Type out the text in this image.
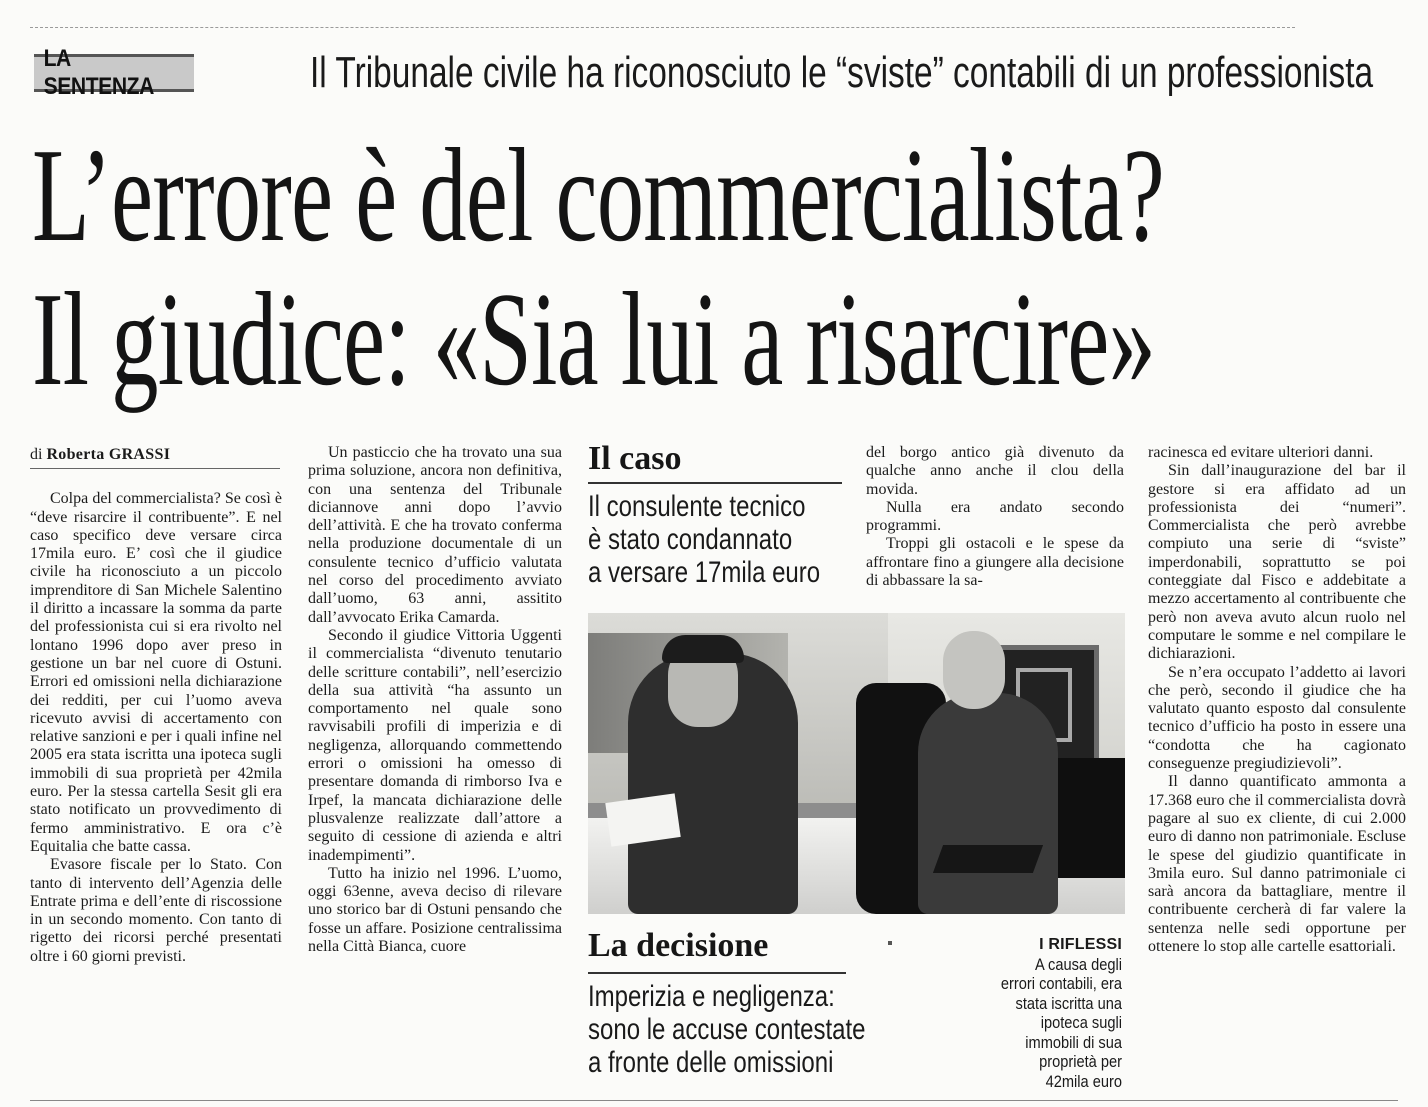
LA SENTENZA	Il Tribunale civile ha riconosciuto le “sviste” contabili di un professionista
L’errore è del commercialista?
Il giudice: «Sia lui a risarcire»
di Roberta GRASSI

Colpa del commercialista? Se così è “deve risarcire il contribuente”. E nel caso specifico deve versare circa 17mila euro. E’ così che il giudice civile ha riconosciuto a un piccolo imprenditore di San Michele Salentino il diritto a incassare la somma da parte del professionista cui si era rivolto nel lontano 1996 dopo aver preso in gestione un bar nel cuore di Ostuni. Errori ed omissioni nella dichiarazione dei redditi, per cui l’uomo aveva ricevuto avvisi di accertamento con relative sanzioni e per i quali infine nel 2005 era stata iscritta una ipoteca sugli immobili di sua proprietà per 42mila euro. Per la stessa cartella Sesit gli era stato notificato un provvedimento di fermo amministrativo. E ora c’è Equitalia che batte cassa.

Evasore fiscale per lo Stato. Con tanto di intervento dell’Agenzia delle Entrate prima e dell’ente di riscossione in un secondo momento. Con tanto di rigetto dei ricorsi perché presentati oltre i 60 giorni previsti.

Un pasticcio che ha trovato una sua prima soluzione, ancora non definitiva, con una sentenza del Tribunale diciannove anni dopo l’avvio dell’attività. E che ha trovato conferma nella produzione documentale di un consulente tecnico d’ufficio valutata nel corso del procedimento avviato dall’uomo, 63 anni, assitito dall’avvocato Erika Camarda.

Secondo il giudice Vittoria Uggenti il commercialista “divenuto tenutario delle scritture contabili”, nell’esercizio della sua attività “ha assunto un comportamento nel quale sono ravvisabili profili di imperizia e di negligenza, allorquando commettendo errori o omissioni ha omesso di presentare domanda di rimborso Iva e Irpef, la mancata dichiarazione delle plusvalenze realizzate dall’attore a seguito di cessione di azienda e altri inadempimenti”.

Tutto ha inizio nel 1996. L’uomo, oggi 63enne, aveva deciso di rilevare uno storico bar di Ostuni pensando che fosse un affare. Posizione centralissima nella Città Bianca, cuore

Il caso
Il consulente tecnico
è stato condannato
a versare 17mila euro

del borgo antico già divenuto da qualche anno anche il clou della movida.

Nulla era andato secondo programmi.

Troppi gli ostacoli e le spese da affrontare fino a giungere alla decisione di abbassare la sa-

racinesca ed evitare ulteriori danni.

Sin dall’inaugurazione del bar il gestore si era affidato ad un professionista dei “numeri”. Commercialista che però avrebbe compiuto una serie di “sviste” imperdonabili, soprattutto se poi conteggiate dal Fisco e addebitate a mezzo accertamento al contribuente che però non aveva avuto alcun ruolo nel computare le somme e nel compilare le dichiarazioni.

Se n’era occupato l’addetto ai lavori che però, secondo il giudice che ha valutato quanto esposto dal consulente tecnico d’ufficio ha posto in essere una “condotta che ha cagionato conseguenze pregiudizievoli”.

Il danno quantificato ammonta a 17.368 euro che il commercialista dovrà pagare al suo ex cliente, di cui 2.000 euro di danno non patrimoniale. Escluse le spese del giudizio quantificate in 3mila euro. Sul danno patrimoniale ci sarà ancora da battagliare, mentre il contribuente cercherà di far valere la sentenza nelle sedi opportune per ottenere lo stop alle cartelle esattoriali.

La decisione
Imperizia e negligenza:
sono le accuse contestate
a fronte delle omissioni
I RIFLESSI
A causa degli
errori contabili, era
stata iscritta una
ipoteca sugli
immobili di sua
proprietà per
42mila euro
